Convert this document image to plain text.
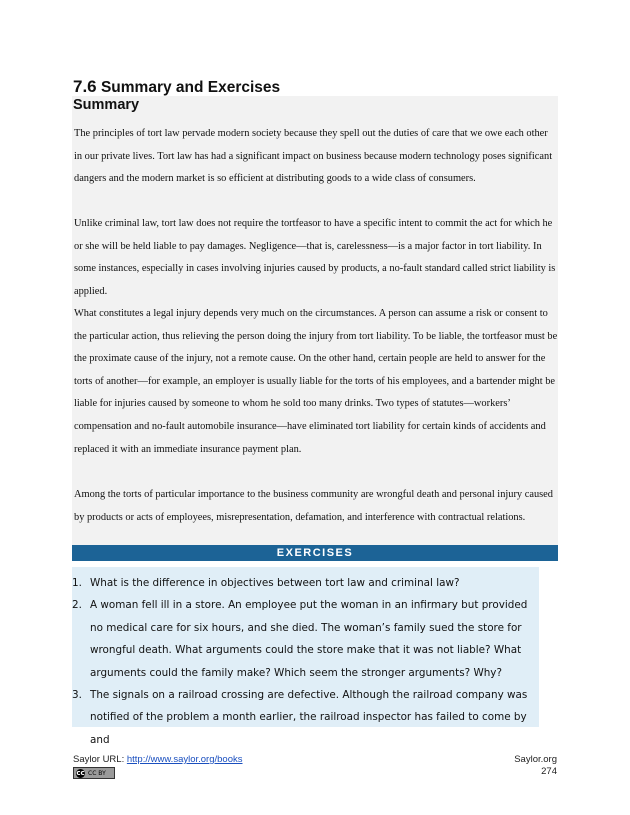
7.6 Summary and Exercises
Summary

The principles of tort law pervade modern society because they spell out the duties of care that we owe each other in our private lives. Tort law has had a significant impact on business because modern technology poses significant dangers and the modern market is so efficient at distributing goods to a wide class of consumers.

Unlike criminal law, tort law does not require the tortfeasor to have a specific intent to commit the act for which he or she will be held liable to pay damages. Negligence—that is, carelessness—is a major factor in tort liability. In some instances, especially in cases involving injuries caused by products, a no-fault standard called strict liability is applied.

What constitutes a legal injury depends very much on the circumstances. A person can assume a risk or consent to the particular action, thus relieving the person doing the injury from tort liability. To be liable, the tortfeasor must be the proximate cause of the injury, not a remote cause. On the other hand, certain people are held to answer for the torts of another—for example, an employer is usually liable for the torts of his employees, and a bartender might be liable for injuries caused by someone to whom he sold too many drinks. Two types of statutes—workers’ compensation and no-fault automobile insurance—have eliminated tort liability for certain kinds of accidents and replaced it with an immediate insurance payment plan.

Among the torts of particular importance to the business community are wrongful death and personal injury caused by products or acts of employees, misrepresentation, defamation, and interference with contractual relations.

EXERCISES
1. What is the difference in objectives between tort law and criminal law?
2. A woman fell ill in a store. An employee put the woman in an infirmary but provided no medical care for six hours, and she died. The woman’s family sued the store for wrongful death. What arguments could the store make that it was not liable? What arguments could the family make? Which seem the stronger arguments? Why?
3. The signals on a railroad crossing are defective. Although the railroad company was notified of the problem a month earlier, the railroad inspector has failed to come by and
Saylor URL: http://www.saylor.org/books
cc CC BY
Saylor.org
274
